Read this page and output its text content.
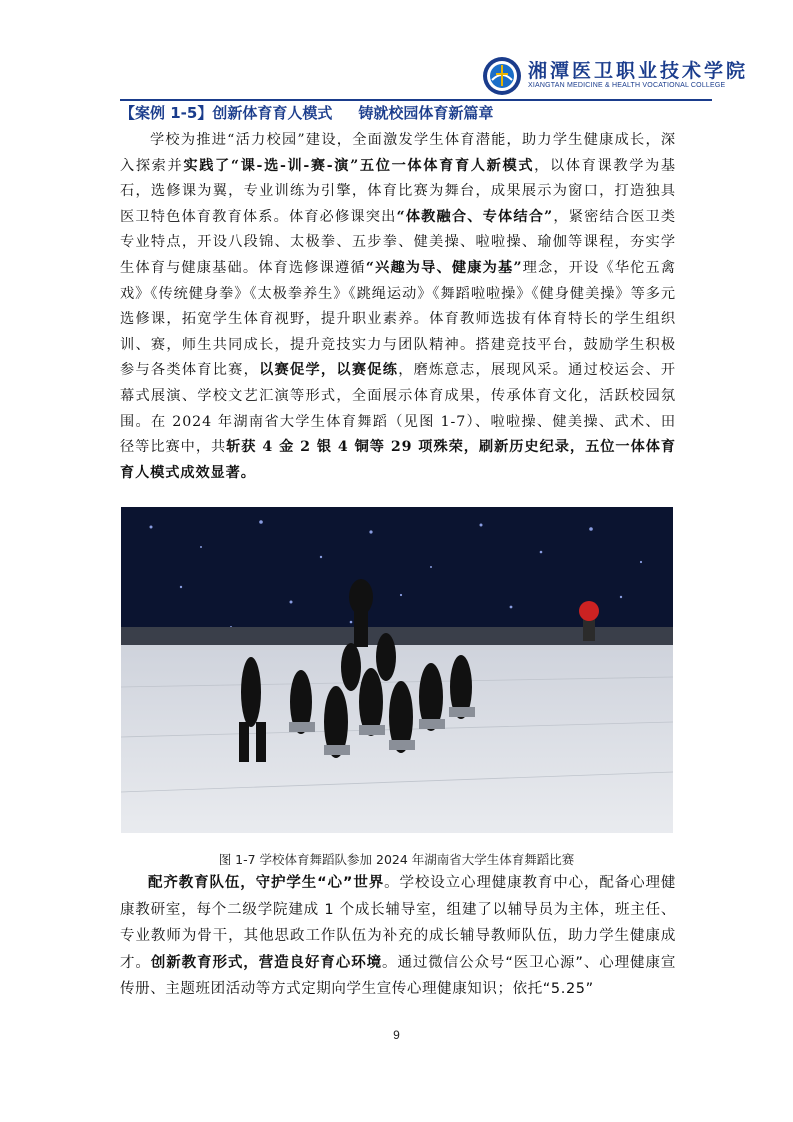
湘潭医卫职业技术学院
XIANGTAN MEDICINE & HEALTH VOCATIONAL COLLEGE
【案例 1-5】创新体育育人模式 铸就校园体育新篇章
学校为推进“活力校园”建设，全面激发学生体育潜能，助力学生健康成长，深入探索并实践了“课-选-训-赛-演”五位一体体育育人新模式，以体育课教学为基石，选修课为翼，专业训练为引擎，体育比赛为舞台，成果展示为窗口，打造独具医卫特色体育教育体系。体育必修课突出“体教融合、专体结合”，紧密结合医卫类专业特点，开设八段锦、太极拳、五步拳、健美操、啦啦操、瑜伽等课程，夯实学生体育与健康基础。体育选修课遵循“兴趣为导、健康为基”理念，开设《华佗五禽戏》《传统健身拳》《太极拳养生》《跳绳运动》《舞蹈啦啦操》《健身健美操》等多元选修课，拓宽学生体育视野，提升职业素养。体育教师选拔有体育特长的学生组织训、赛，师生共同成长，提升竞技实力与团队精神。搭建竞技平台，鼓励学生积极参与各类体育比赛，以赛促学，以赛促练，磨炼意志，展现风采。通过校运会、开幕式展演、学校文艺汇演等形式，全面展示体育成果，传承体育文化，活跃校园氛围。在 2024 年湖南省大学生体育舞蹈（见图 1-7）、啦啦操、健美操、武术、田径等比赛中，共斩获 4 金 2 银 4 铜等 29 项殊荣，刷新历史纪录，五位一体体育育人模式成效显著。
图 1-7 学校体育舞蹈队参加 2024 年湖南省大学生体育舞蹈比赛
配齐教育队伍，守护学生“心”世界。学校设立心理健康教育中心，配备心理健康教研室，每个二级学院建成 1 个成长辅导室，组建了以辅导员为主体，班主任、专业教师为骨干，其他思政工作队伍为补充的成长辅导教师队伍，助力学生健康成才。创新教育形式，营造良好育心环境。通过微信公众号“医卫心源”、心理健康宣传册、主题班团活动等方式定期向学生宣传心理健康知识；依托“5.25”
9
